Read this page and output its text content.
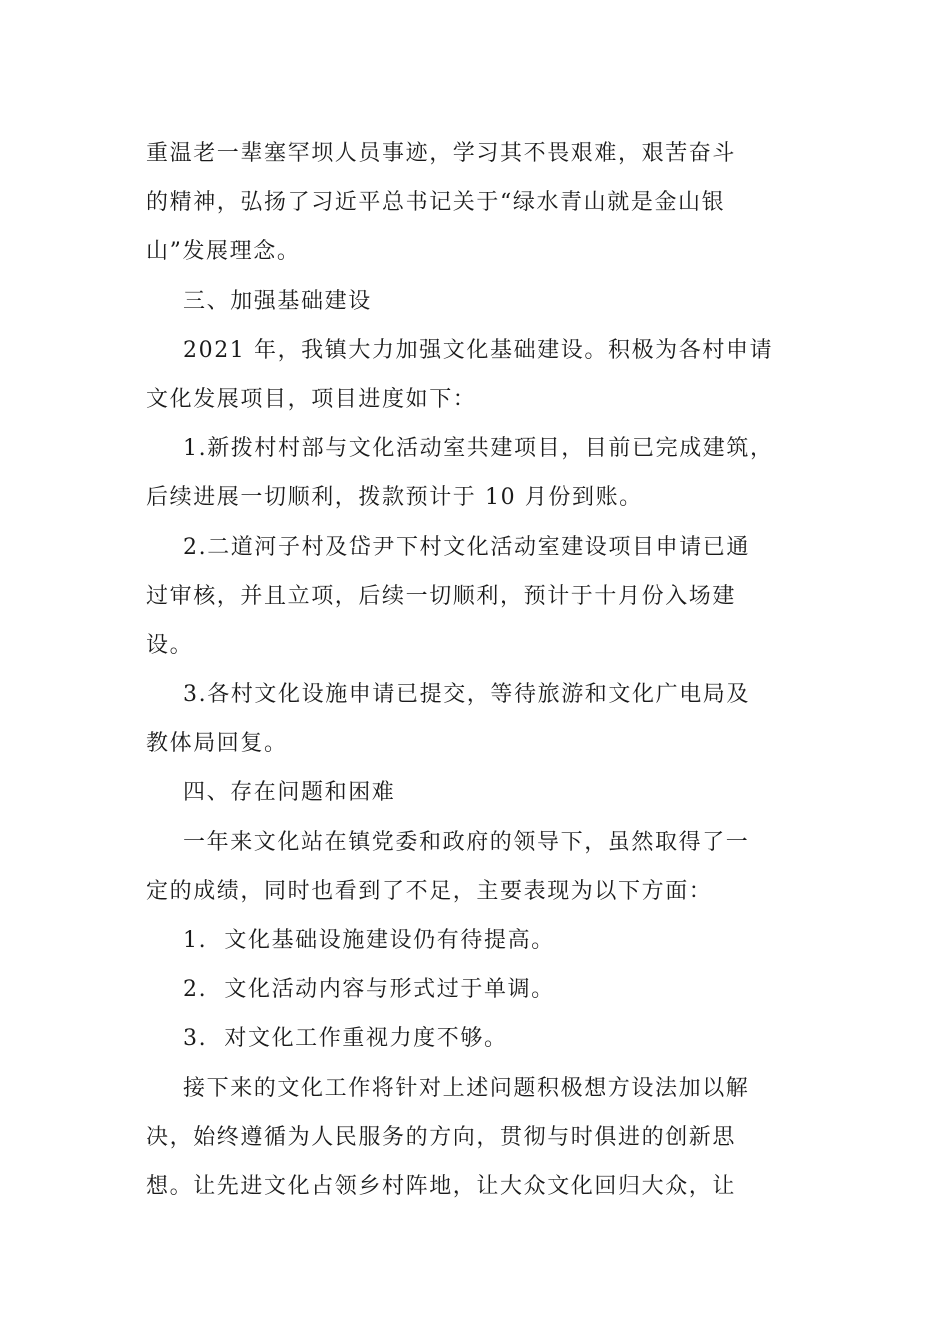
重温老一辈塞罕坝人员事迹，学习其不畏艰难，艰苦奋斗
的精神，弘扬了习近平总书记关于“绿水青山就是金山银
山”发展理念。
三、加强基础建设
2021 年，我镇大力加强文化基础建设。积极为各村申请
文化发展项目，项目进度如下：
1.新拨村村部与文化活动室共建项目，目前已完成建筑，
后续进展一切顺利，拨款预计于 10 月份到账。
2.二道河子村及岱尹下村文化活动室建设项目申请已通
过审核，并且立项，后续一切顺利，预计于十月份入场建
设。
3.各村文化设施申请已提交，等待旅游和文化广电局及
教体局回复。
四、存在问题和困难
一年来文化站在镇党委和政府的领导下，虽然取得了一
定的成绩，同时也看到了不足，主要表现为以下方面：
1.  文化基础设施建设仍有待提高。
2.  文化活动内容与形式过于单调。
3.  对文化工作重视力度不够。
接下来的文化工作将针对上述问题积极想方设法加以解
决，始终遵循为人民服务的方向，贯彻与时俱进的创新思
想。让先进文化占领乡村阵地，让大众文化回归大众，让
